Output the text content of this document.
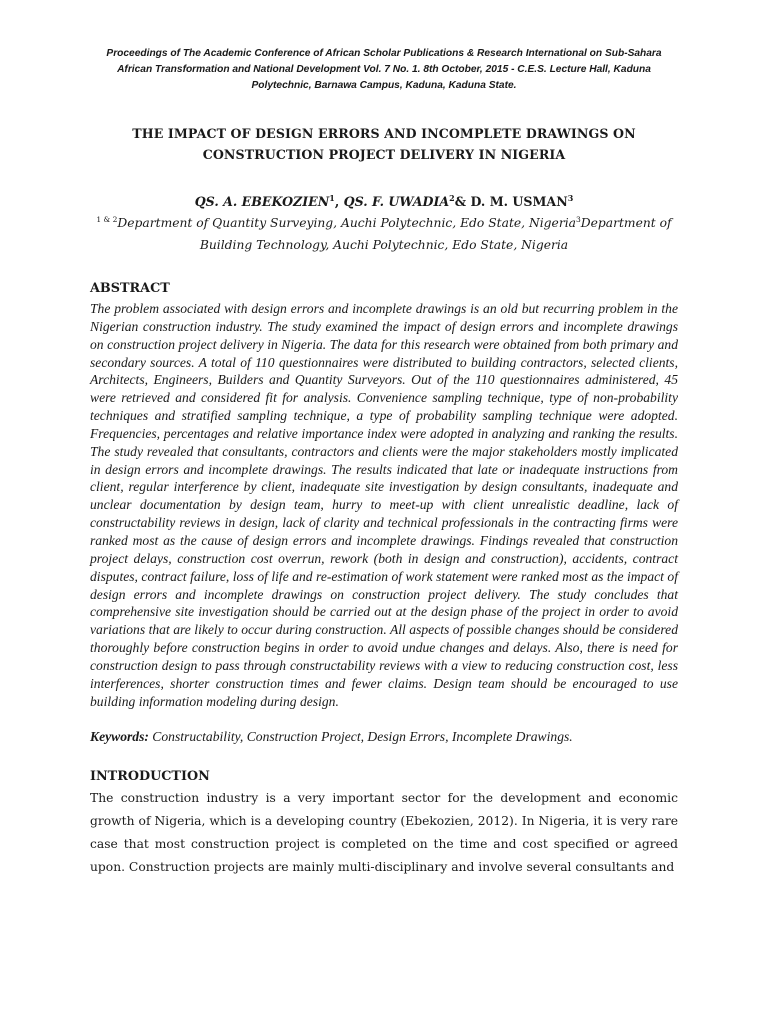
Proceedings of The Academic Conference of African Scholar Publications & Research International on Sub-Sahara African Transformation and National Development Vol. 7 No. 1. 8th October, 2015 - C.E.S. Lecture Hall, Kaduna Polytechnic, Barnawa Campus, Kaduna, Kaduna State.

THE IMPACT OF DESIGN ERRORS AND INCOMPLETE DRAWINGS ON
CONSTRUCTION PROJECT DELIVERY IN NIGERIA
QS. A. EBEKOZIEN$^1$, QS. F. UWADIA$^2$& D. M. USMAN$^3$
$^{1 \& 2}$Department of Quantity Surveying, Auchi Polytechnic, Edo State, Nigeria$^3$Department of Building Technology, Auchi Polytechnic, Edo State, Nigeria
ABSTRACT

The problem associated with design errors and incomplete drawings is an old but recurring problem in the Nigerian construction industry. The study examined the impact of design errors and incomplete drawings on construction project delivery in Nigeria. The data for this research were obtained from both primary and secondary sources. A total of 110 questionnaires were distributed to building contractors, selected clients, Architects, Engineers, Builders and Quantity Surveyors. Out of the 110 questionnaires administered, 45 were retrieved and considered fit for analysis. Convenience sampling technique, type of non-probability techniques and stratified sampling technique, a type of probability sampling technique were adopted. Frequencies, percentages and relative importance index were adopted in analyzing and ranking the results. The study revealed that consultants, contractors and clients were the major stakeholders mostly implicated in design errors and incomplete drawings. The results indicated that late or inadequate instructions from client, regular interference by client, inadequate site investigation by design consultants, inadequate and unclear documentation by design team, hurry to meet-up with client unrealistic deadline, lack of constructability reviews in design, lack of clarity and technical professionals in the contracting firms were ranked most as the cause of design errors and incomplete drawings. Findings revealed that construction project delays, construction cost overrun, rework (both in design and construction), accidents, contract disputes, contract failure, loss of life and re-estimation of work statement were ranked most as the impact of design errors and incomplete drawings on construction project delivery. The study concludes that comprehensive site investigation should be carried out at the design phase of the project in order to avoid variations that are likely to occur during construction. All aspects of possible changes should be considered thoroughly before construction begins in order to avoid undue changes and delays. Also, there is need for construction design to pass through constructability reviews with a view to reducing construction cost, less interferences, shorter construction times and fewer claims. Design team should be encouraged to use building information modeling during design.

Keywords: Constructability, Construction Project, Design Errors, Incomplete Drawings.

INTRODUCTION

The construction industry is a very important sector for the development and economic growth of Nigeria, which is a developing country (Ebekozien, 2012). In Nigeria, it is very rare case that most construction project is completed on the time and cost specified or agreed upon. Construction projects are mainly multi-disciplinary and involve several consultants and
